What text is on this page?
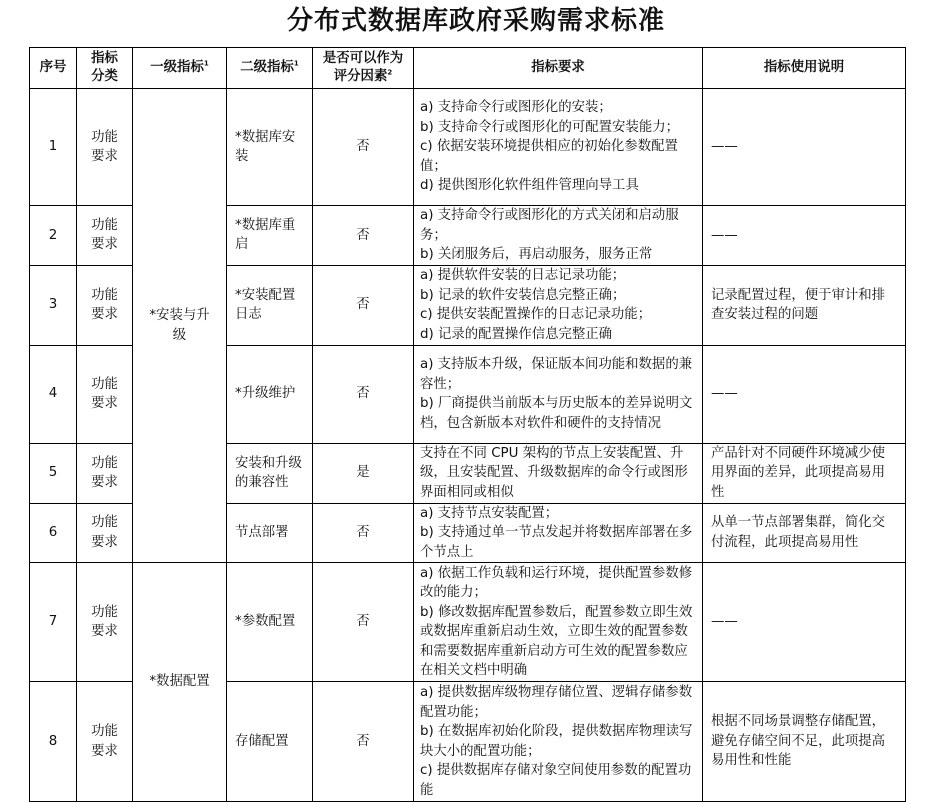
分布式数据库政府采购需求标准
序号	指标分类	一级指标$^1$	二级指标$^1$	是否可以作为评分因素$^2$	指标要求	指标使用说明
1	功能要求	*安装与升级	*数据库安装	否	a) 支持命令行或图形化的安装；
b) 支持命令行或图形化的可配置安装能力；
c) 依据安装环境提供相应的初始化参数配置值；
d) 提供图形化软件组件管理向导工具	——
2	功能要求		*数据库重启	否	a) 支持命令行或图形化的方式关闭和启动服务；
b) 关闭服务后，再启动服务，服务正常	——
3	功能要求		*安装配置日志	否	a) 提供软件安装的日志记录功能；
b) 记录的软件安装信息完整正确；
c) 提供安装配置操作的日志记录功能；
d) 记录的配置操作信息完整正确	记录配置过程，便于审计和排查安装过程的问题
4	功能要求		*升级维护	否	a) 支持版本升级，保证版本间功能和数据的兼容性；
b) 厂商提供当前版本与历史版本的差异说明文档，包含新版本对软件和硬件的支持情况	——
5	功能要求		安装和升级的兼容性	是	支持在不同 CPU 架构的节点上安装配置、升级，且安装配置、升级数据库的命令行或图形界面相同或相似	产品针对不同硬件环境减少使用界面的差异，此项提高易用性
6	功能要求		节点部署	否	a) 支持节点安装配置；
b) 支持通过单一节点发起并将数据库部署在多个节点上	从单一节点部署集群，简化交付流程，此项提高易用性
7	功能要求	*数据配置	*参数配置	否	a) 依据工作负载和运行环境，提供配置参数修改的能力；
b) 修改数据库配置参数后，配置参数立即生效或数据库重新启动生效，立即生效的配置参数和需要数据库重新启动方可生效的配置参数应在相关文档中明确	——
8	功能要求		存储配置	否	a) 提供数据库级物理存储位置、逻辑存储参数配置功能；
b) 在数据库初始化阶段，提供数据库物理读写块大小的配置功能；
c) 提供数据库存储对象空间使用参数的配置功能	根据不同场景调整存储配置，避免存储空间不足，此项提高易用性和性能
